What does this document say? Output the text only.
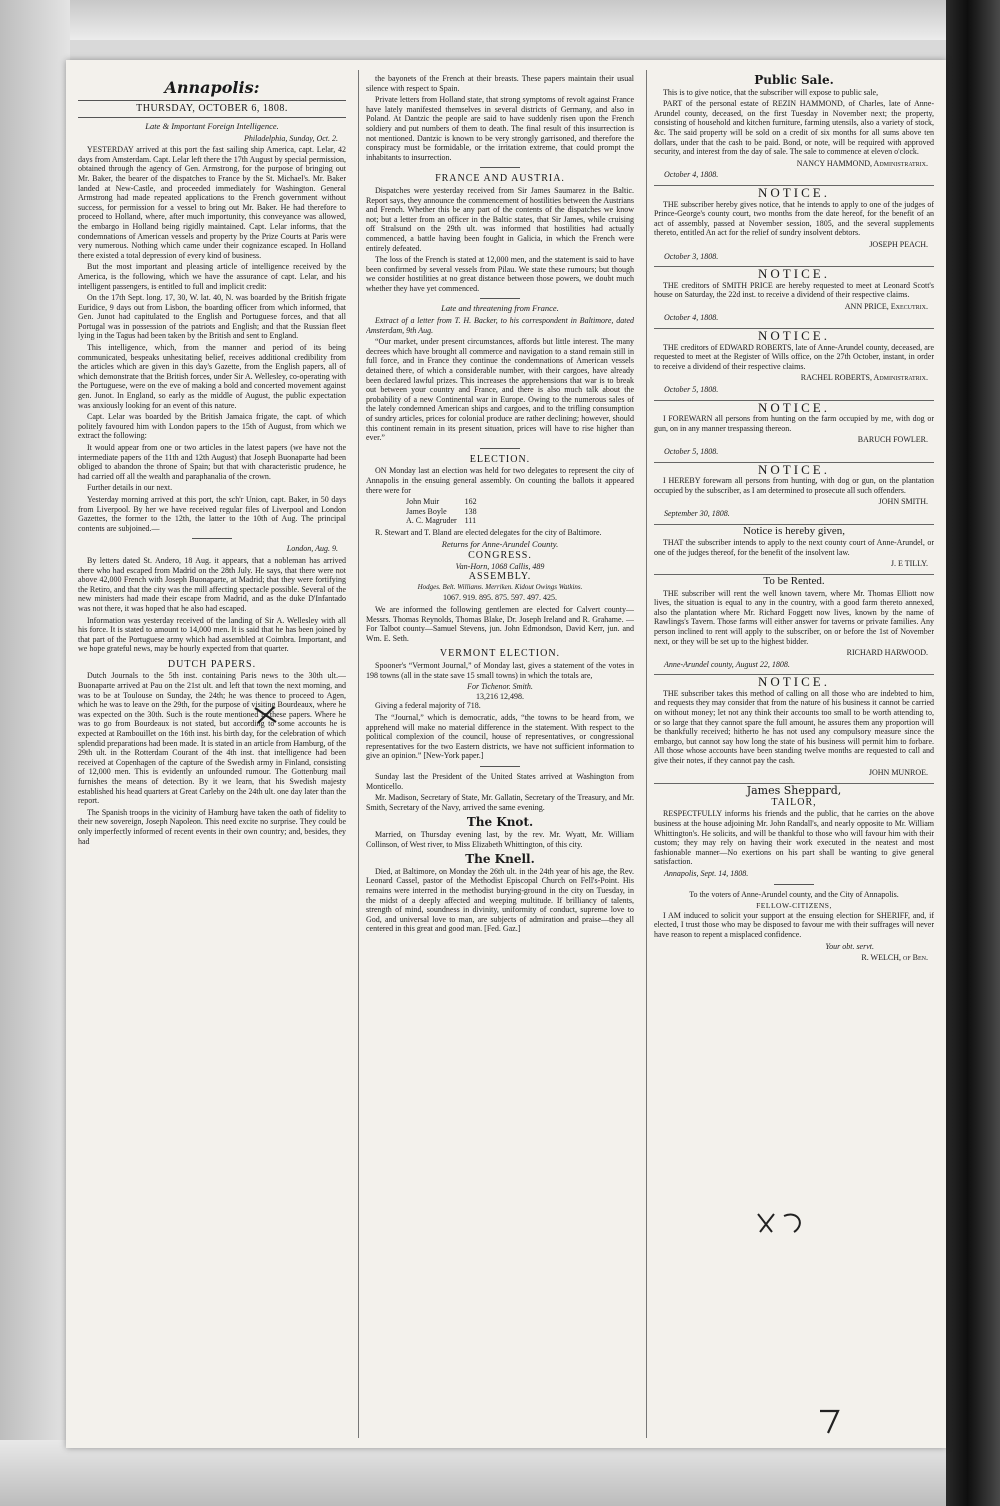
Annapolis:
THURSDAY, OCTOBER 6, 1808.
Late & Important Foreign Intelligence.
Philadelphia, Sunday, Oct. 2.

YESTERDAY arrived at this port the fast sailing ship America, capt. Lelar, 42 days from Amsterdam. Capt. Lelar left there the 17th August by special permission, obtained through the agency of Gen. Armstrong, for the purpose of bringing out Mr. Baker, the bearer of the dispatches to France by the St. Michael's. Mr. Baker landed at New-Castle, and proceeded immediately for Washington. General Armstrong had made repeated applications to the French government without success, for permission for a vessel to bring out Mr. Baker. He had therefore to proceed to Holland, where, after much importunity, this conveyance was allowed, the embargo in Holland being rigidly maintained. Capt. Lelar informs, that the condemnations of American vessels and property by the Prize Courts at Paris were very numerous. Nothing which came under their cognizance escaped. In Holland there existed a total depression of every kind of business.

But the most important and pleasing article of intelligence received by the America, is the following, which we have the assurance of capt. Lelar, and his intelligent passengers, is entitled to full and implicit credit:

On the 17th Sept. long. 17, 30, W. lat. 40, N. was boarded by the British frigate Euridice, 9 days out from Lisbon, the boarding officer from which informed, that Gen. Junot had capitulated to the English and Portuguese forces, and that all Portugal was in possession of the patriots and English; and that the Russian fleet lying in the Tagus had been taken by the British and sent to England.

This intelligence, which, from the manner and period of its being communicated, bespeaks unhesitating belief, receives additional credibility from the articles which are given in this day's Gazette, from the English papers, all of which demonstrate that the British forces, under Sir A. Wellesley, co-operating with the Portuguese, were on the eve of making a bold and concerted movement against gen. Junot. In England, so early as the middle of August, the public expectation was anxiously looking for an event of this nature.

Capt. Lelar was boarded by the British Jamaica frigate, the capt. of which politely favoured him with London papers to the 15th of August, from which we extract the following:

It would appear from one or two articles in the latest papers (we have not the intermediate papers of the 11th and 12th August) that Joseph Buonaparte had been obliged to abandon the throne of Spain; but that with characteristic prudence, he had carried off all the wealth and paraphanalia of the crown.

Further details in our next.

Yesterday morning arrived at this port, the sch'r Union, capt. Baker, in 50 days from Liverpool. By her we have received regular files of Liverpool and London Gazettes, the former to the 12th, the latter to the 10th of Aug. The principal contents are subjoined.—

London, Aug. 9.

By letters dated St. Andero, 18 Aug. it appears, that a nobleman has arrived there who had escaped from Madrid on the 28th July. He says, that there were not above 42,000 French with Joseph Buonaparte, at Madrid; that they were fortifying the Retiro, and that the city was the mill affecting spectacle possible. Several of the new ministers had made their escape from Madrid, and as the duke D'Infantado was not there, it was hoped that he also had escaped.

Information was yesterday received of the landing of Sir A. Wellesley with all his force. It is stated to amount to 14,000 men. It is said that he has been joined by that part of the Portuguese army which had assembled at Coimbra. Important, and we hope grateful news, may be hourly expected from that quarter.

DUTCH PAPERS.

Dutch Journals to the 5th inst. containing Paris news to the 30th ult.—Buonaparte arrived at Pau on the 21st ult. and left that town the next morning, and was to be at Toulouse on Sunday, the 24th; he was thence to proceed to Agen, which he was to leave on the 29th, for the purpose of visiting Bourdeaux, where he was expected on the 30th. Such is the route mentioned in these papers. Where he was to go from Bourdeaux is not stated, but according to some accounts he is expected at Rambouillet on the 16th inst. his birth day, for the celebration of which splendid preparations had been made. It is stated in an article from Hamburg, of the 29th ult. in the Rotterdam Courant of the 4th inst. that intelligence had been received at Copenhagen of the capture of the Swedish army in Finland, consisting of 12,000 men. This is evidently an unfounded rumour. The Gottenburg mail furnishes the means of detection. By it we learn, that his Swedish majesty established his head quarters at Great Carleby on the 24th ult. one day later than the report.

The Spanish troops in the vicinity of Hamburg have taken the oath of fidelity to their new sovereign, Joseph Napoleon. This need excite no surprise. They could be only imperfectly informed of recent events in their own country; and, besides, they had

the bayonets of the French at their breasts. These papers maintain their usual silence with respect to Spain.

Private letters from Holland state, that strong symptoms of revolt against France have lately manifested themselves in several districts of Germany, and also in Poland. At Dantzic the people are said to have suddenly risen upon the French soldiery and put numbers of them to death. The final result of this insurrection is not mentioned. Dantzic is known to be very strongly garrisoned, and therefore the conspiracy must be formidable, or the irritation extreme, that could prompt the inhabitants to insurrection.

FRANCE AND AUSTRIA.

Dispatches were yesterday received from Sir James Saumarez in the Baltic. Report says, they announce the commencement of hostilities between the Austrians and French. Whether this be any part of the contents of the dispatches we know not; but a letter from an officer in the Baltic states, that Sir James, while cruising off Stralsund on the 29th ult. was informed that hostilities had actually commenced, a battle having been fought in Galicia, in which the French were entirely defeated.

The loss of the French is stated at 12,000 men, and the statement is said to have been confirmed by several vessels from Pilau. We state these rumours; but though we consider hostilities at no great distance between those powers, we doubt much whether they have yet commenced.

Late and threatening from France.

Extract of a letter from T. H. Backer, to his correspondent in Baltimore, dated Amsterdam, 9th Aug.

“Our market, under present circumstances, affords but little interest. The many decrees which have brought all commerce and navigation to a stand remain still in full force, and in France they continue the condemnations of American vessels detained there, of which a considerable number, with their cargoes, have already been declared lawful prizes. This increases the apprehensions that war is to break out between your country and France, and there is also much talk about the probability of a new Continental war in Europe. Owing to the numerous sales of the lately condemned American ships and cargoes, and to the trifling consumption of sundry articles, prices for colonial produce are rather declining; however, should this continent remain in its present situation, prices will have to rise higher than ever.”

ELECTION.

ON Monday last an election was held for two delegates to represent the city of Annapolis in the ensuing general assembly. On counting the ballots it appeared there were for

John Muir	162
James Boyle	138
A. C. Magruder	111

R. Stewart and T. Bland are elected delegates for the city of Baltimore.

Returns for Anne-Arundel County.
CONGRESS.
Van-Horn, 1068 Callis, 489
ASSEMBLY.
Hodges. Belt. Williams. Merriken. Kidout Owings Watkins.
1067. 919. 895. 875. 597. 497. 425.

We are informed the following gentlemen are elected for Calvert county—Messrs. Thomas Reynolds, Thomas Blake, Dr. Joseph Ireland and R. Grahame. —For Talbot county—Samuel Stevens, jun. John Edmondson, David Kerr, jun. and Wm. E. Seth.

VERMONT ELECTION.

Spooner's “Vermont Journal,” of Monday last, gives a statement of the votes in 198 towns (all in the state save 15 small towns) in which the totals are,

For Tichenor. Smith.
13,216 12,498.

Giving a federal majority of 718.

The “Journal,” which is democratic, adds, “the towns to be heard from, we apprehend will make no material difference in the statement. With respect to the political complexion of the council, house of representatives, or congressional representatives for the two Eastern districts, we have not sufficient information to give an opinion.” [New-York paper.]

Sunday last the President of the United States arrived at Washington from Monticello.

Mr. Madison, Secretary of State, Mr. Gallatin, Secretary of the Treasury, and Mr. Smith, Secretary of the Navy, arrived the same evening.

The Knot.

Married, on Thursday evening last, by the rev. Mr. Wyatt, Mr. William Collinson, of West river, to Miss Elizabeth Whittington, of this city.

The Knell.

Died, at Baltimore, on Monday the 26th ult. in the 24th year of his age, the Rev. Leonard Cassel, pastor of the Methodist Episcopal Church on Fell's-Point. His remains were interred in the methodist burying-ground in the city on Tuesday, in the midst of a deeply affected and weeping multitude. If brilliancy of talents, strength of mind, soundness in divinity, uniformity of conduct, supreme love to God, and universal love to man, are subjects of admiration and praise—they all centered in this great and good man. [Fed. Gaz.]

Public Sale.

This is to give notice, that the subscriber will expose to public sale,

PART of the personal estate of REZIN HAMMOND, of Charles, late of Anne-Arundel county, deceased, on the first Tuesday in November next; the property, consisting of household and kitchen furniture, farming utensils, also a variety of stock, &c. The said property will be sold on a credit of six months for all sums above ten dollars, under that the cash to be paid. Bond, or note, will be required with approved security, and interest from the day of sale. The sale to commence at eleven o'clock.

NANCY HAMMOND, Administratrix.
October 4, 1808.
NOTICE.

THE subscriber hereby gives notice, that he intends to apply to one of the judges of Prince-George's county court, two months from the date hereof, for the benefit of an act of assembly, passed at November session, 1805, and the several supplements thereto, entitled An act for the relief of sundry insolvent debtors.

JOSEPH PEACH.
October 3, 1808.
NOTICE.

THE creditors of SMITH PRICE are hereby requested to meet at Leonard Scott's house on Saturday, the 22d inst. to receive a dividend of their respective claims.

ANN PRICE, Executrix.
October 4, 1808.
NOTICE.

THE creditors of EDWARD ROBERTS, late of Anne-Arundel county, deceased, are requested to meet at the Register of Wills office, on the 27th October, instant, in order to receive a dividend of their respective claims.

RACHEL ROBERTS, Administratrix.
October 5, 1808.
NOTICE.

I FOREWARN all persons from hunting on the farm occupied by me, with dog or gun, on in any manner trespassing thereon.

BARUCH FOWLER.
October 5, 1808.
NOTICE.

I HEREBY forewarn all persons from hunting, with dog or gun, on the plantation occupied by the subscriber, as I am determined to prosecute all such offenders.

JOHN SMITH.
September 30, 1808.
Notice is hereby given,

THAT the subscriber intends to apply to the next county court of Anne-Arundel, or one of the judges thereof, for the benefit of the insolvent law.

J. E TILLY.
To be Rented.

THE subscriber will rent the well known tavern, where Mr. Thomas Elliott now lives, the situation is equal to any in the country, with a good farm thereto annexed, also the plantation where Mr. Richard Foggett now lives, known by the name of Rawlings's Tavern. Those farms will either answer for taverns or private families. Any person inclined to rent will apply to the subscriber, on or before the 1st of November next, or they will be set up to the highest bidder.

RICHARD HARWOOD.
Anne-Arundel county, August 22, 1808.
NOTICE.

THE subscriber takes this method of calling on all those who are indebted to him, and requests they may consider that from the nature of his business it cannot be carried on without money; let not any think their accounts too small to be worth attending to, or so large that they cannot spare the full amount, he assures them any proportion will be thankfully received; hitherto he has not used any compulsory measure since the embargo, but cannot say how long the state of his business will permit him to forbare. All those whose accounts have been standing twelve months are requested to call and give their notes, if they cannot pay the cash.

JOHN MUNROE.
James Sheppard,
TAILOR,

RESPECTFULLY informs his friends and the public, that he carries on the above business at the house adjoining Mr. John Randall's, and nearly opposite to Mr. William Whittington's. He solicits, and will be thankful to those who will favour him with their custom; they may rely on having their work executed in the neatest and most fashionable manner—No exertions on his part shall be wanting to give general satisfaction.

Annapolis, Sept. 14, 1808.

To the voters of Anne-Arundel county, and the City of Annapolis.

FELLOW-CITIZENS,

I AM induced to solicit your support at the ensuing election for SHERIFF, and, if elected, I trust those who may be disposed to favour me with their suffrages will never have reason to repent a misplaced confidence.

Your obt. servt.
R. WELCH, of Ben.
